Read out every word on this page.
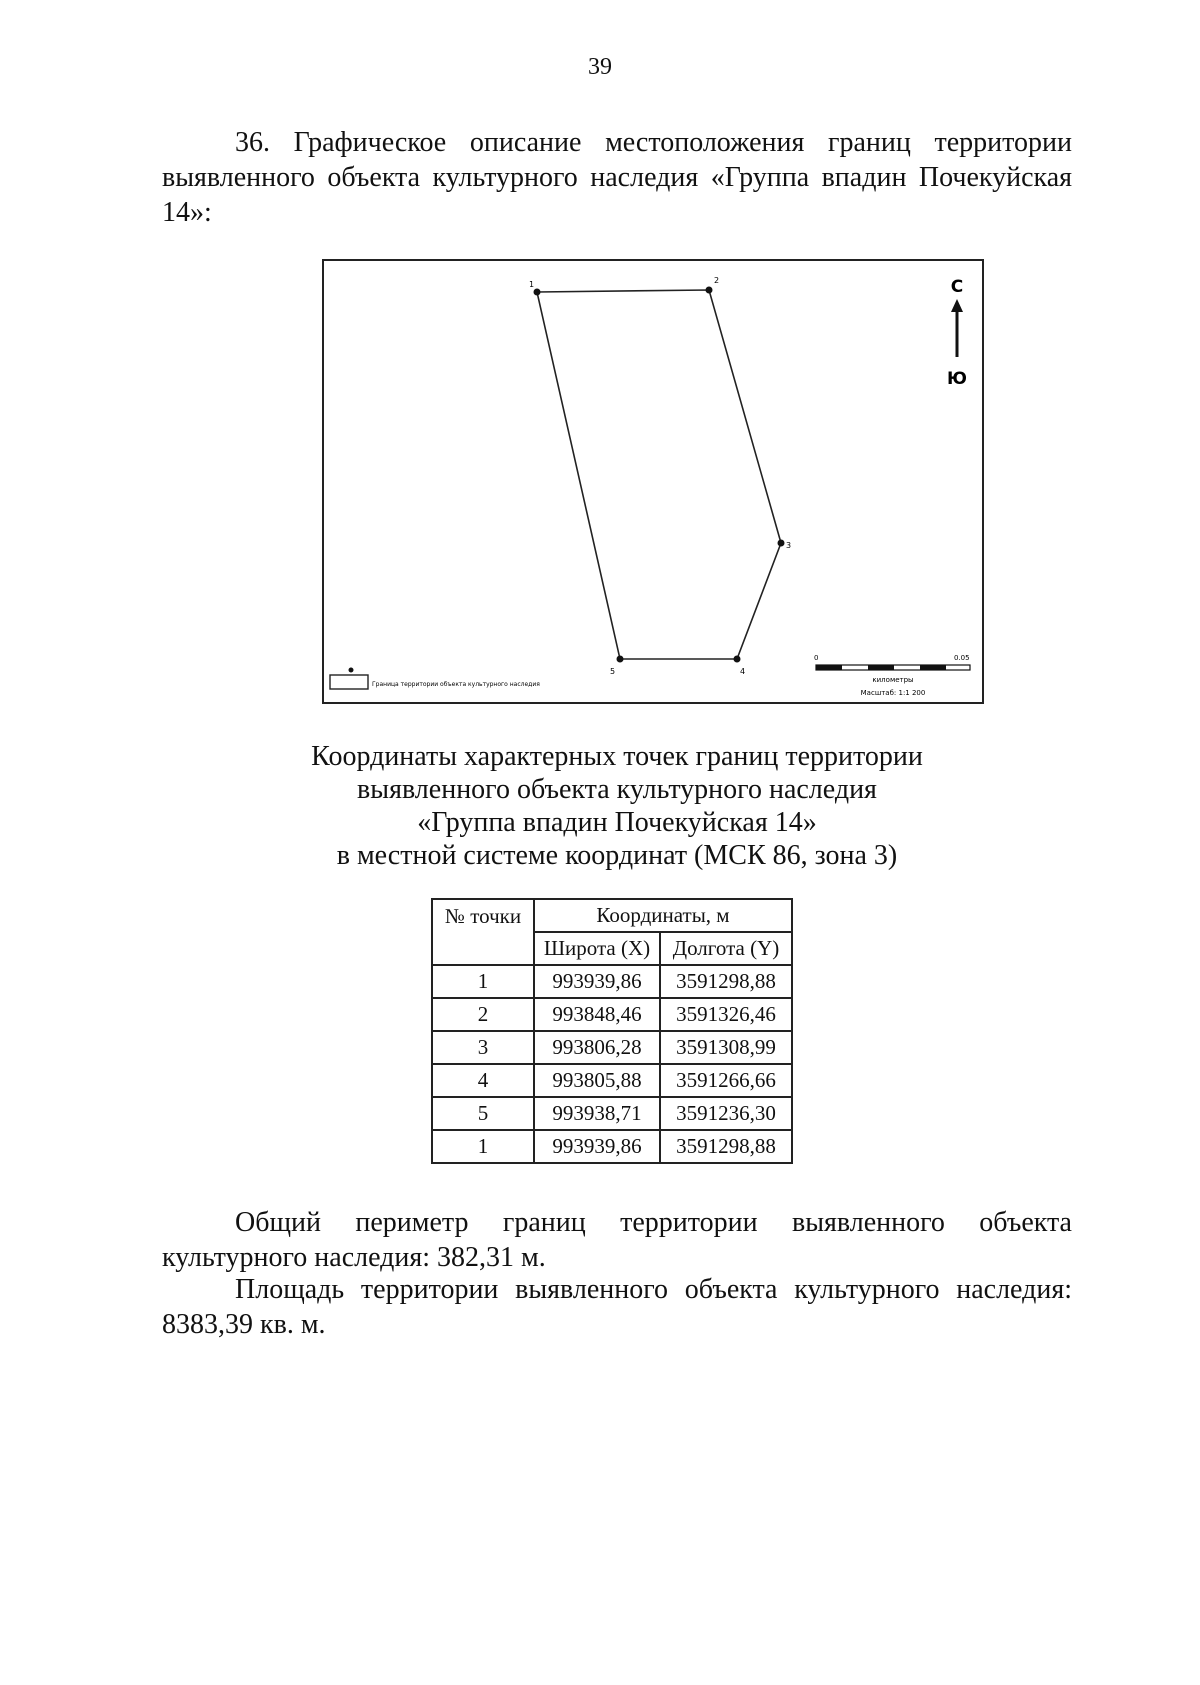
39
36. Графическое описание местоположения границ территории выявленного объекта культурного наследия «Группа впадин Почекуйская 14»:
1	2
3
4
5
С
Ю
Граница территории объекта культурного наследия
0	0.05
километры
Масштаб: 1:1 200
Координаты характерных точек границ территории
выявленного объекта культурного наследия
«Группа впадин Почекуйская 14»
в местной системе координат (МСК 86, зона 3)
№ точки	Координаты, м	
	Широта (X)	Долгота (Y)
1	993939,86	3591298,88
2	993848,46	3591326,46
3	993806,28	3591308,99
4	993805,88	3591266,66
5	993938,71	3591236,30
1	993939,86	3591298,88
Общий периметр границ территории выявленного объекта культурного наследия: 382,31 м.
Площадь территории выявленного объекта культурного наследия: 8383,39 кв. м.
